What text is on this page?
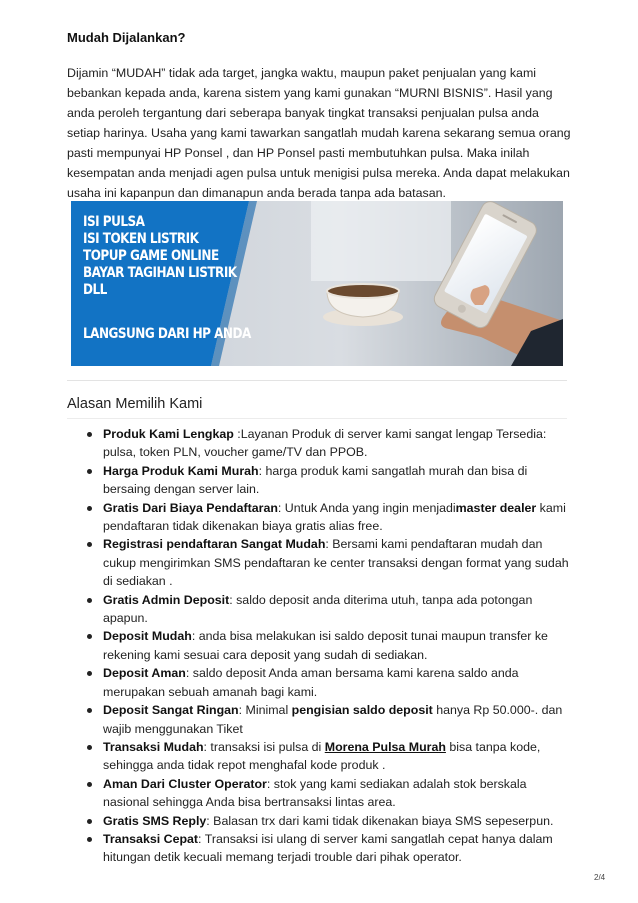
Mudah Dijalankan?

Dijamin “MUDAH” tidak ada target, jangka waktu, maupun paket penjualan yang kami bebankan kepada anda, karena sistem yang kami gunakan “MURNI BISNIS”. Hasil yang anda peroleh tergantung dari seberapa banyak tingkat transaksi penjualan pulsa anda setiap harinya. Usaha yang kami tawarkan sangatlah mudah karena sekarang semua orang pasti mempunyai HP Ponsel , dan HP Ponsel pasti membutuhkan pulsa. Maka inilah kesempatan anda menjadi agen pulsa untuk menigisi pulsa mereka. Anda dapat melakukan usaha ini kapanpun dan dimanapun anda berada tanpa ada batasan.

ISI PULSA
ISI TOKEN LISTRIK
TOPUP GAME ONLINE
BAYAR TAGIHAN LISTRIK
DLL
LANGSUNG DARI HP ANDA
Alasan Memilih Kami
Produk Kami Lengkap :Layanan Produk di server kami sangat lengap Tersedia: pulsa, token PLN, voucher game/TV dan PPOB.
Harga Produk Kami Murah: harga produk kami sangatlah murah dan bisa di bersaing dengan server lain.
Gratis Dari Biaya Pendaftaran: Untuk Anda yang ingin menjadimaster dealer kami pendaftaran tidak dikenakan biaya gratis alias free.
Registrasi pendaftaran Sangat Mudah: Bersami kami pendaftaran mudah dan cukup mengirimkan SMS pendaftaran ke center transaksi dengan format yang sudah di sediakan .
Gratis Admin Deposit: saldo deposit anda diterima utuh, tanpa ada potongan apapun.
Deposit Mudah: anda bisa melakukan isi saldo deposit tunai maupun transfer ke rekening kami sesuai cara deposit yang sudah di sediakan.
Deposit Aman: saldo deposit Anda aman bersama kami karena saldo anda merupakan sebuah amanah bagi kami.
Deposit Sangat Ringan: Minimal pengisian saldo deposit hanya Rp 50.000-. dan wajib menggunakan Tiket
Transaksi Mudah: transaksi isi pulsa di Morena Pulsa Murah bisa tanpa kode, sehingga anda tidak repot menghafal kode produk .
Aman Dari Cluster Operator: stok yang kami sediakan adalah stok berskala nasional sehingga Anda bisa bertransaksi lintas area.
Gratis SMS Reply: Balasan trx dari kami tidak dikenakan biaya SMS sepeserpun.
Transaksi Cepat: Transaksi isi ulang di server kami sangatlah cepat hanya dalam hitungan detik kecuali memang terjadi trouble dari pihak operator.
2/4
